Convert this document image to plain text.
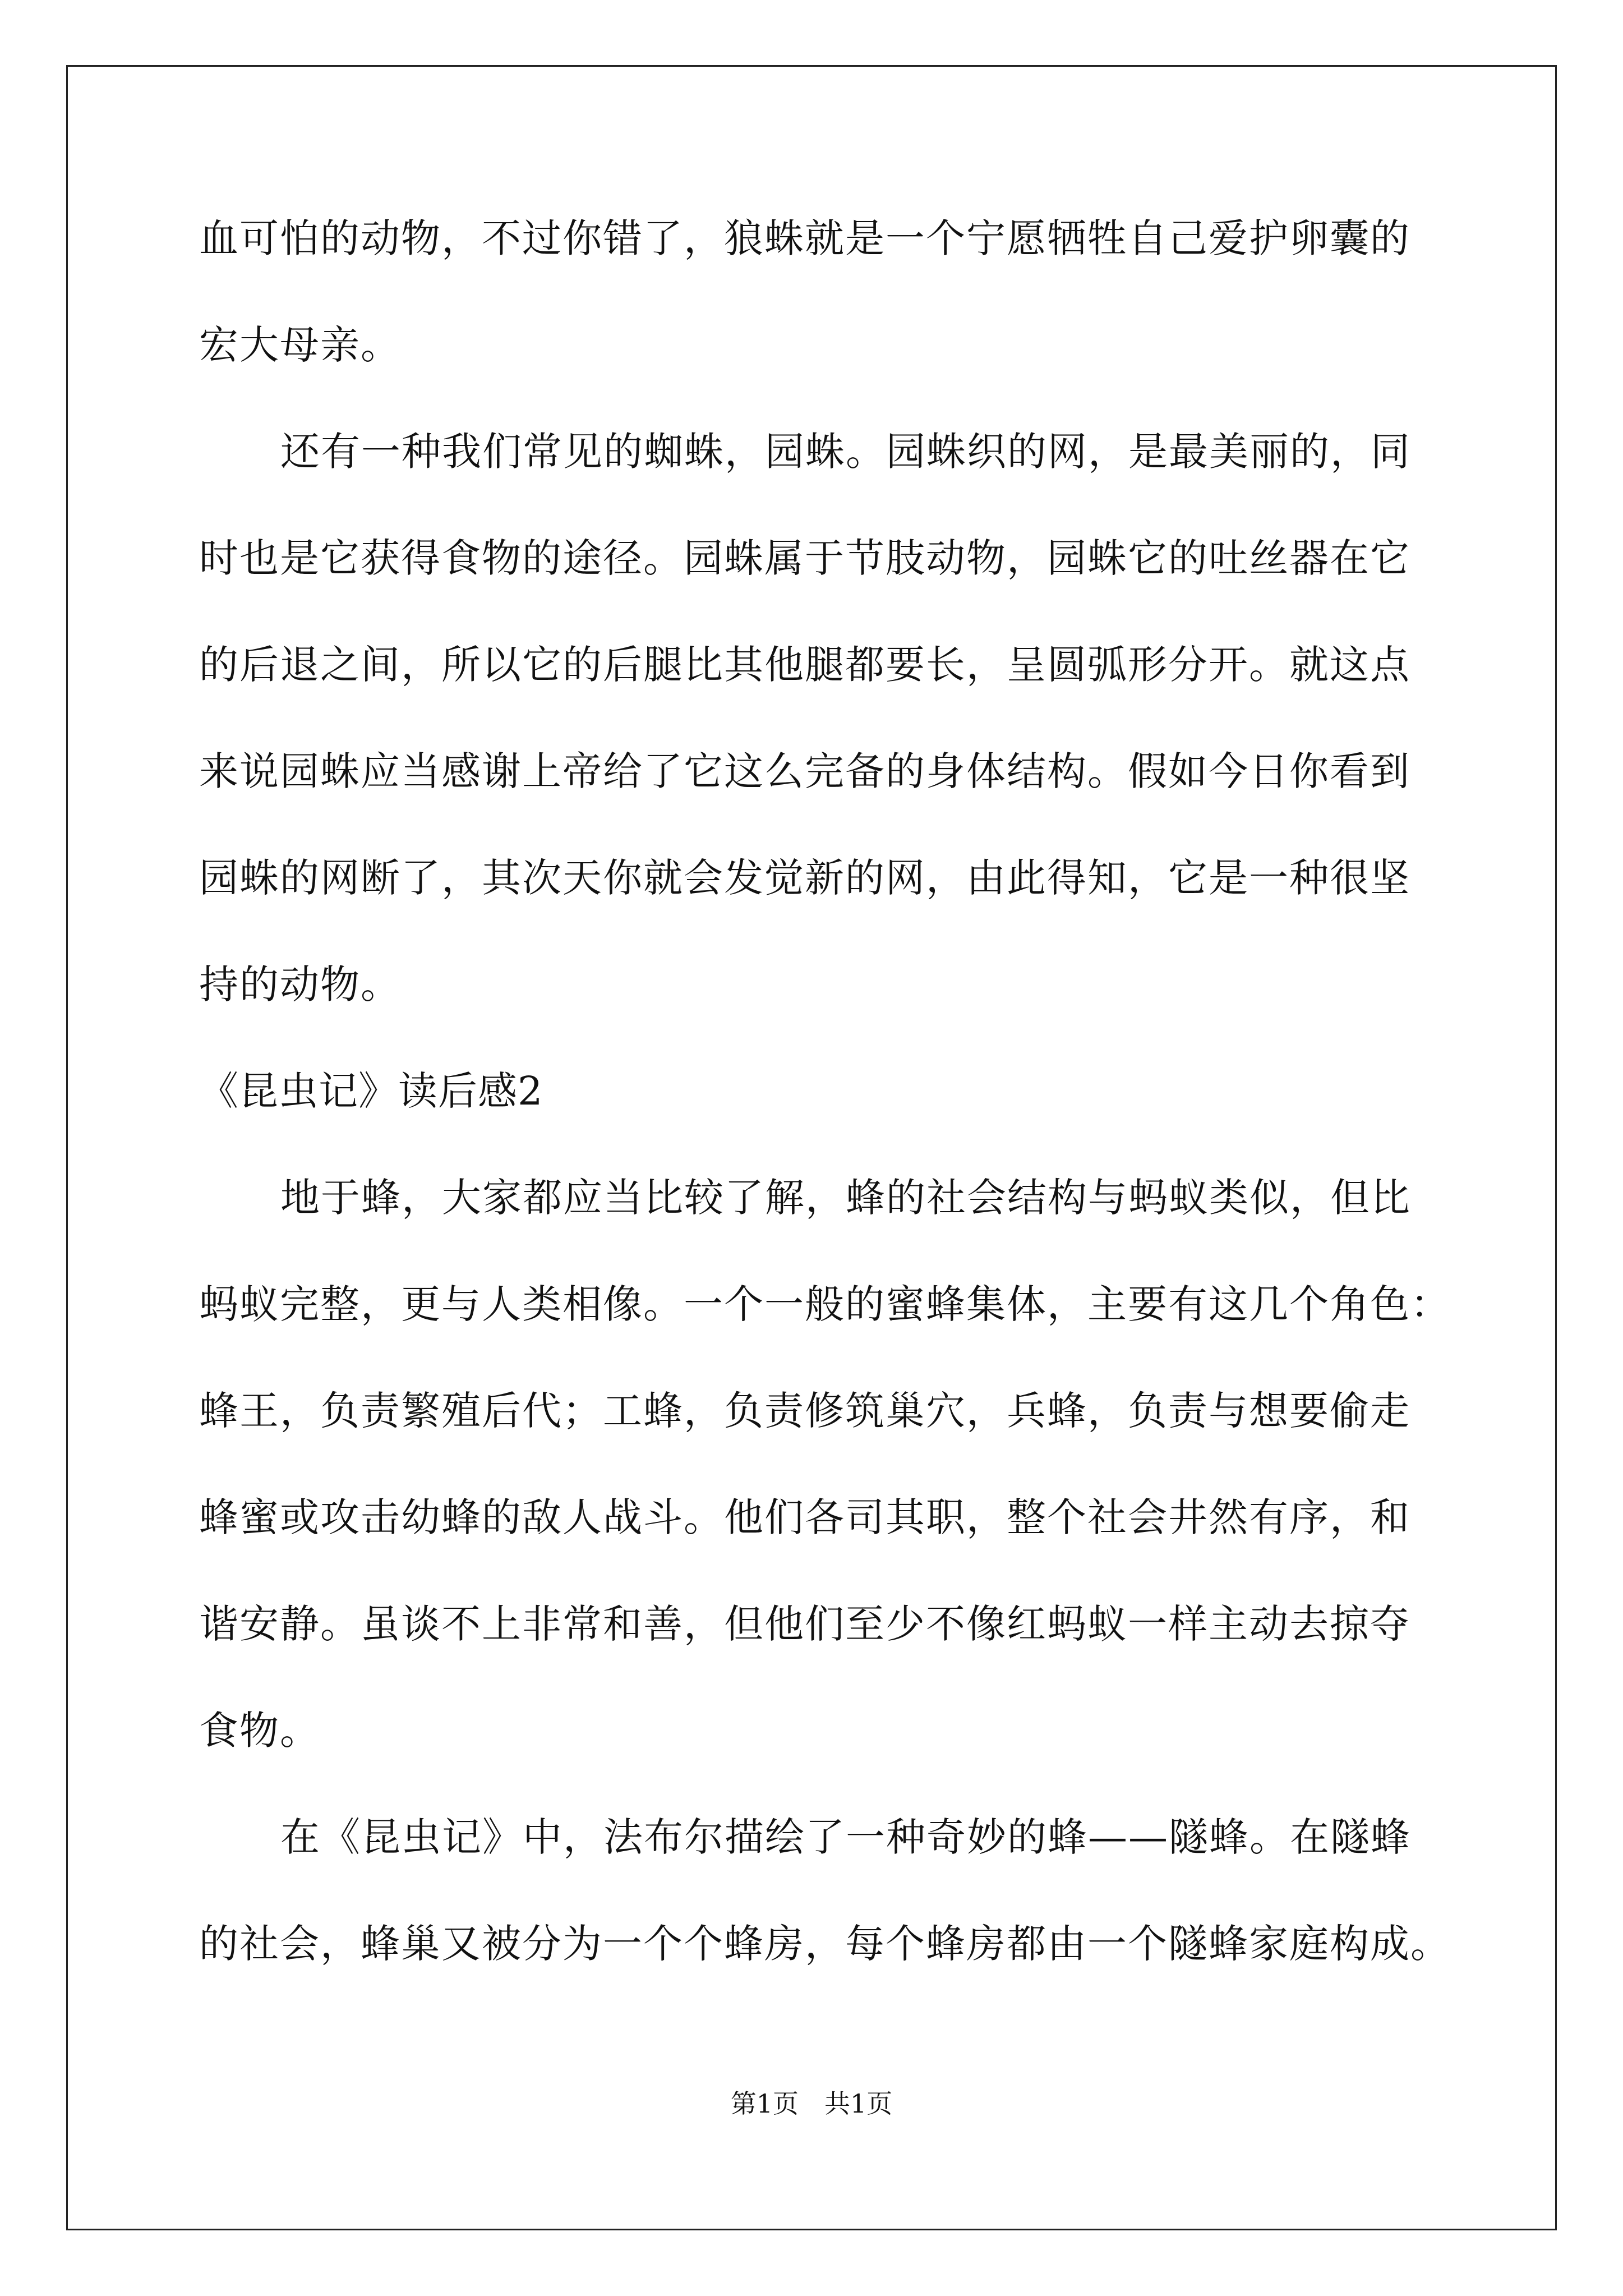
血可怕的动物，不过你错了，狼蛛就是一个宁愿牺牲自己爱护卵囊的
宏大母亲。
还有一种我们常见的蜘蛛，园蛛。园蛛织的网，是最美丽的，同
时也是它获得食物的途径。园蛛属于节肢动物，园蛛它的吐丝器在它
的后退之间，所以它的后腿比其他腿都要长，呈圆弧形分开。就这点
来说园蛛应当感谢上帝给了它这么完备的身体结构。假如今日你看到
园蛛的网断了，其次天你就会发觉新的网，由此得知，它是一种很坚
持的动物。
《昆虫记》读后感2
地于蜂，大家都应当比较了解，蜂的社会结构与蚂蚁类似，但比
蚂蚁完整，更与人类相像。一个一般的蜜蜂集体，主要有这几个角色：
蜂王，负责繁殖后代；工蜂，负责修筑巢穴，兵蜂，负责与想要偷走
蜂蜜或攻击幼蜂的敌人战斗。他们各司其职，整个社会井然有序，和
谐安静。虽谈不上非常和善，但他们至少不像红蚂蚁一样主动去掠夺
食物。
在《昆虫记》中，法布尔描绘了一种奇妙的蜂——隧蜂。在隧蜂
的社会，蜂巢又被分为一个个蜂房，每个蜂房都由一个隧蜂家庭构成。
第1页 共1页
